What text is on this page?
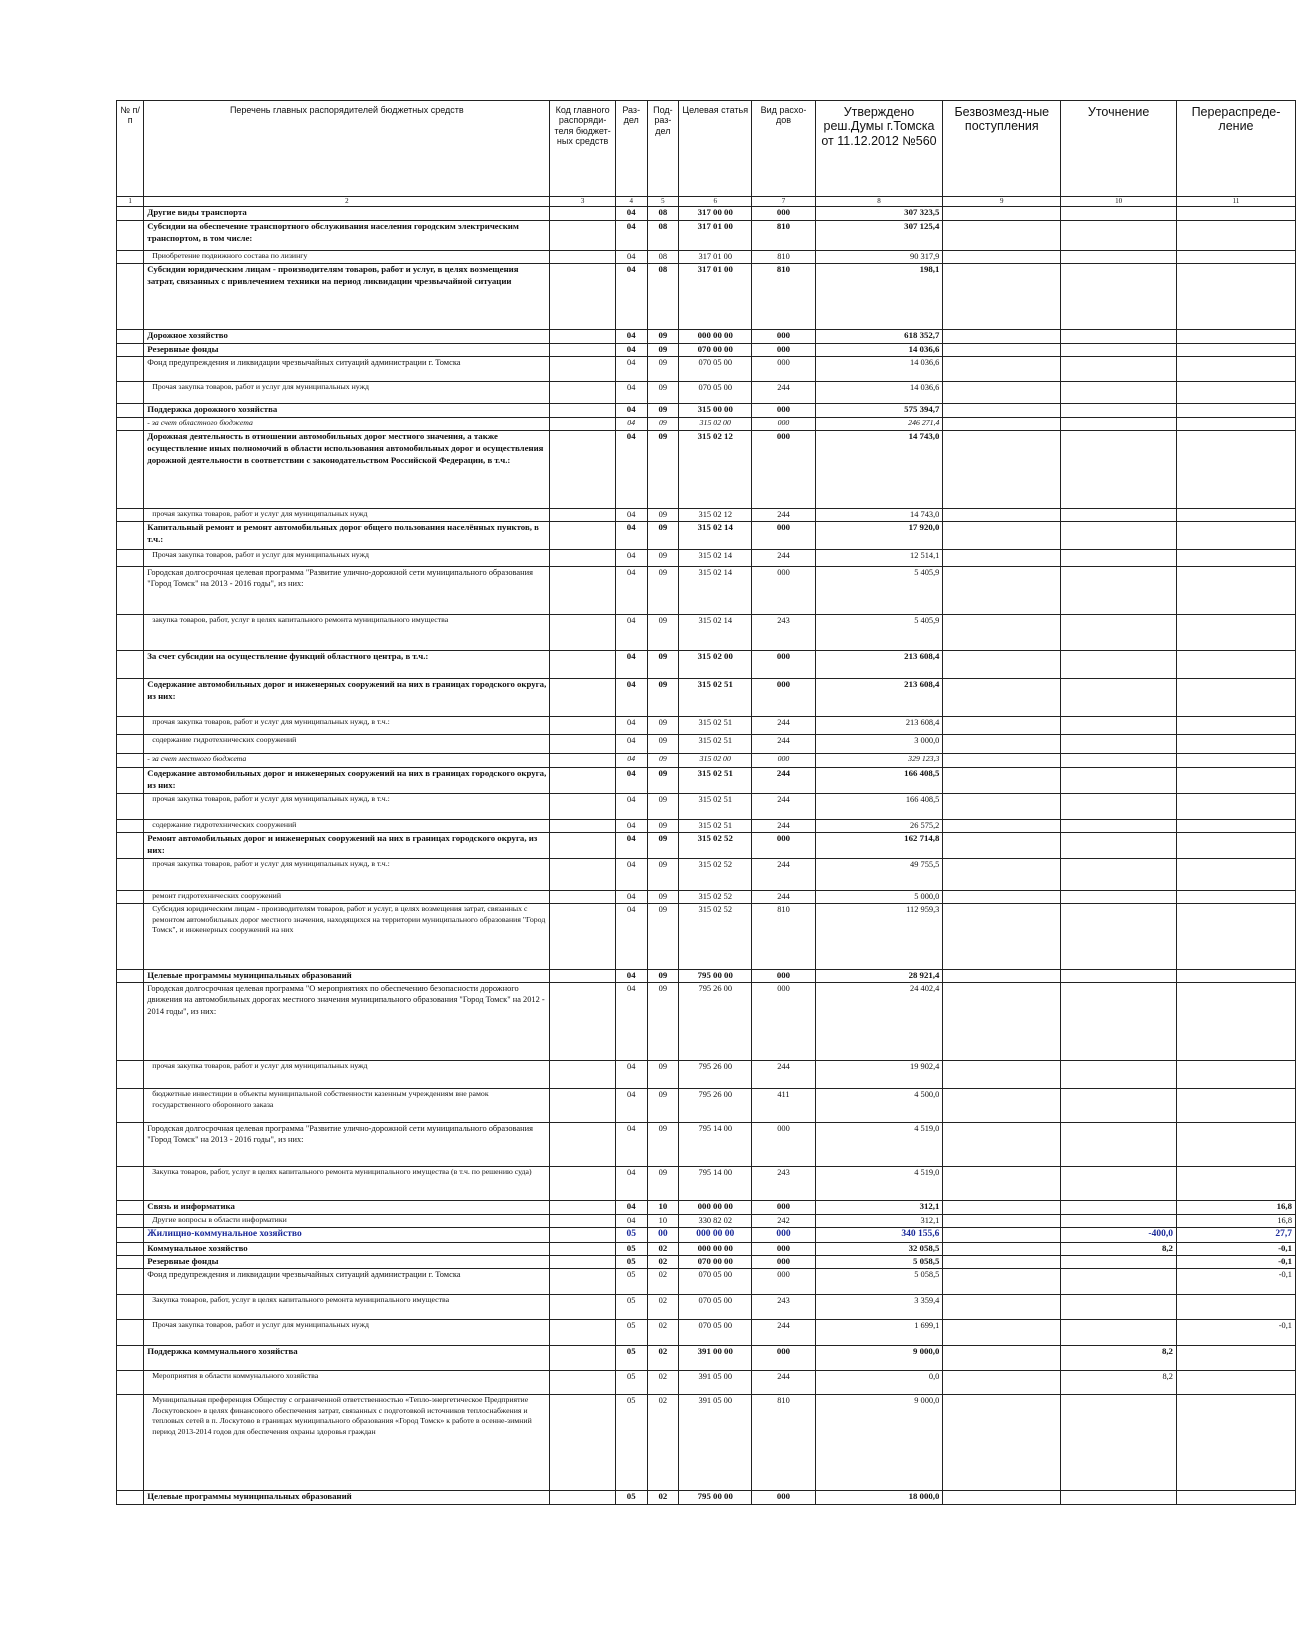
№ п/п	Перечень главных распорядителей бюджетных средств	Код главного распоряди-теля бюджет-ных средств	Раз-дел	Под-раз-дел	Целевая статья	Вид расхо-дов	Утверждено реш.Думы г.Томска от 11.12.2012 №560	Безвозмезд-ные поступления	Уточнение	Перераспреде-ление
1	2	3	4	5	6	7	8	9	10	11
	Другие виды транспорта		04	08	317 00 00	000	307 323,5			
	Субсидии на обеспечение транспортного обслуживания населения городским электрическим транспортом, в том числе:		04	08	317 01 00	810	307 125,4			
	Приобретение подвижного состава по лизингу		04	08	317 01 00	810	90 317,9			
	Субсидии юридическим лицам - производителям товаров, работ и услуг, в целях возмещения затрат, связанных с привлечением техники на период ликвидации чрезвычайной ситуации		04	08	317 01 00	810	198,1			
	Дорожное хозяйство		04	09	000 00 00	000	618 352,7			
	Резервные фонды		04	09	070 00 00	000	14 036,6			
	Фонд предупреждения и ликвидации чрезвычайных ситуаций администрации г. Томска		04	09	070 05 00	000	14 036,6			
	Прочая закупка товаров, работ и услуг для муниципальных нужд		04	09	070 05 00	244	14 036,6			
	Поддержка дорожного хозяйства		04	09	315 00 00	000	575 394,7			
	- за счет областного бюджета		04	09	315 02 00	000	246 271,4			
	Дорожная деятельность в отношении автомобильных дорог местного значения, а также осуществление иных полномочий в области использования автомобильных дорог и осуществления дорожной деятельности в соответствии с законодательством Российской Федерации, в т.ч.:		04	09	315 02 12	000	14 743,0			
	прочая закупка товаров, работ и услуг для муниципальных нужд		04	09	315 02 12	244	14 743,0			
	Капитальный ремонт и ремонт автомобильных дорог общего пользования населённых пунктов, в т.ч.:		04	09	315 02 14	000	17 920,0			
	Прочая закупка товаров, работ и услуг для муниципальных нужд		04	09	315 02 14	244	12 514,1			
	Городская долгосрочная целевая программа "Развитие улично-дорожной сети муниципального образования "Город Томск" на 2013 - 2016 годы", из них:		04	09	315 02 14	000	5 405,9			
	закупка товаров, работ, услуг в целях капитального ремонта муниципального имущества		04	09	315 02 14	243	5 405,9			
	За счет субсидии на осуществление функций областного центра, в т.ч.:		04	09	315 02 00	000	213 608,4			
	Содержание автомобильных дорог и инженерных сооружений на них в границах городского округа, из них:		04	09	315 02 51	000	213 608,4			
	прочая закупка товаров, работ и услуг для муниципальных нужд, в т.ч.:		04	09	315 02 51	244	213 608,4			
	содержание гидротехнических сооружений		04	09	315 02 51	244	3 000,0			
	- за счет местного бюджета		04	09	315 02 00	000	329 123,3			
	Содержание автомобильных дорог и инженерных сооружений на них в границах городского округа, из них:		04	09	315 02 51	244	166 408,5			
	прочая закупка товаров, работ и услуг для муниципальных нужд, в т.ч.:		04	09	315 02 51	244	166 408,5			
	содержание гидротехнических сооружений		04	09	315 02 51	244	26 575,2			
	Ремонт автомобильных дорог и инженерных сооружений на них в границах городского округа, из них:		04	09	315 02 52	000	162 714,8			
	прочая закупка товаров, работ и услуг для муниципальных нужд, в т.ч.:		04	09	315 02 52	244	49 755,5			
	ремонт гидротехнических сооружений		04	09	315 02 52	244	5 000,0			
	Субсидия юридическим лицам - производителям товаров, работ и услуг, в целях возмещения затрат, связанных с ремонтом автомобильных дорог местного значения, находящихся на территории муниципального образования "Город Томск", и инженерных сооружений на них		04	09	315 02 52	810	112 959,3			
	Целевые программы муниципальных образований		04	09	795 00 00	000	28 921,4			
	Городская долгосрочная целевая программа "О мероприятиях по обеспечению безопасности дорожного движения на автомобильных дорогах местного значения муниципального образования "Город Томск" на 2012 - 2014 годы", из них:		04	09	795 26 00	000	24 402,4			
	прочая закупка товаров, работ и услуг для муниципальных нужд		04	09	795 26 00	244	19 902,4			
	бюджетные инвестиции в объекты муниципальной собственности казенным учреждениям вне рамок государственного оборонного заказа		04	09	795 26 00	411	4 500,0			
	Городская долгосрочная целевая программа "Развитие улично-дорожной сети муниципального образования "Город Томск" на 2013 - 2016 годы", из них:		04	09	795 14 00	000	4 519,0			
	Закупка товаров, работ, услуг в целях капитального ремонта муниципального имущества (в т.ч. по решению суда)		04	09	795 14 00	243	4 519,0			
	Связь и информатика		04	10	000 00 00	000	312,1			16,8
	Другие вопросы в области информатики		04	10	330 82 02	242	312,1			16,8
	Жилищно-коммунальное хозяйство		05	00	000 00 00	000	340 155,6		-400,0	27,7
	Коммунальное хозяйство		05	02	000 00 00	000	32 058,5		8,2	-0,1
	Резервные фонды		05	02	070 00 00	000	5 058,5			-0,1
	Фонд предупреждения и ликвидации чрезвычайных ситуаций администрации г. Томска		05	02	070 05 00	000	5 058,5			-0,1
	Закупка товаров, работ, услуг в целях капитального ремонта муниципального имущества		05	02	070 05 00	243	3 359,4			
	Прочая закупка товаров, работ и услуг для муниципальных нужд		05	02	070 05 00	244	1 699,1			-0,1
	Поддержка коммунального хозяйства		05	02	391 00 00	000	9 000,0		8,2	
	Мероприятия в области коммунального хозяйства		05	02	391 05 00	244	0,0		8,2	
	Муниципальная преференция Обществу с ограниченной ответственностью «Тепло-энергетическое Предприятие Лоскутовское» в целях финансового обеспечения затрат, связанных с подготовкой источников теплоснабжения и тепловых сетей в п. Лоскутово в границах муниципального образования «Город Томск» к работе в осенне-зимний период 2013-2014 годов для обеспечения охраны здоровья граждан		05	02	391 05 00	810	9 000,0			
	Целевые программы муниципальных образований		05	02	795 00 00	000	18 000,0			
